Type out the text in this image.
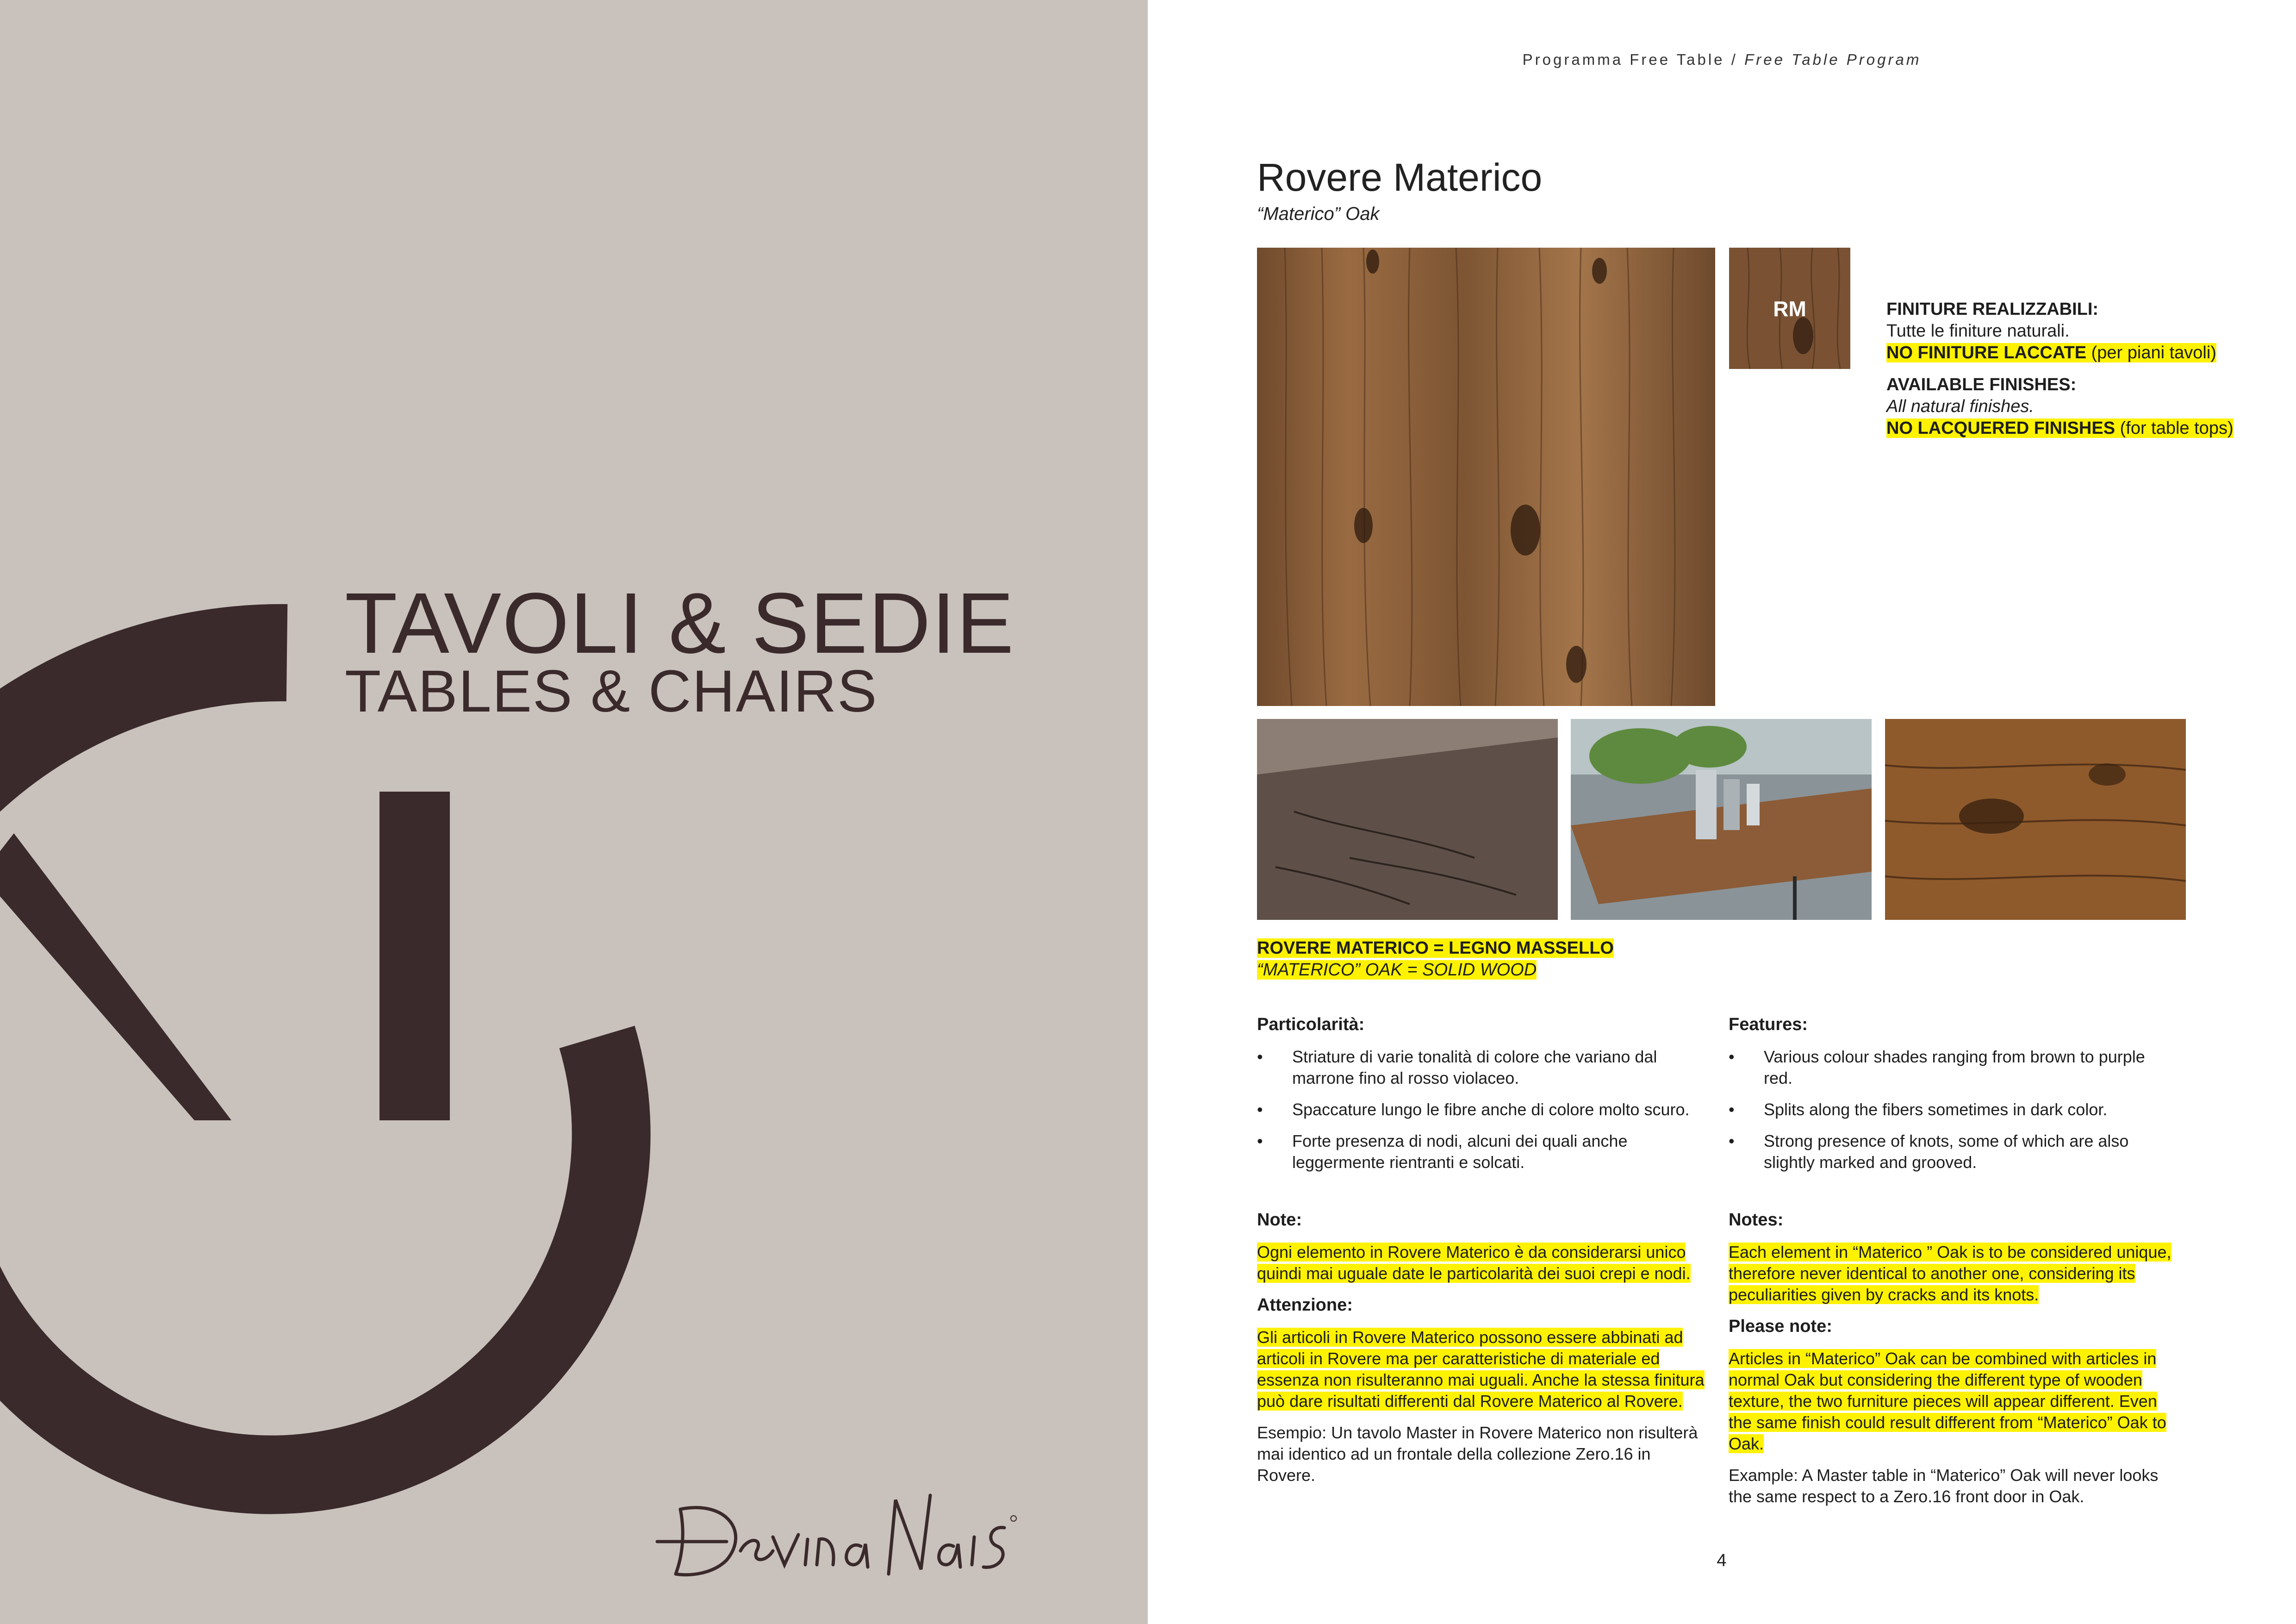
TAVOLI & SEDIE
TABLES & CHAIRS
Programma Free Table / Free Table Program
Rovere Materico
“Materico” Oak
RM	FINITURE REALIZZABILI:
Tutte le finiture naturali.
NO FINITURE LACCATE (per piani tavoli)
AVAILABLE FINISHES:
All natural finishes.
NO LACQUERED FINISHES (for table tops)
ROVERE MATERICO = LEGNO MASSELLO
“MATERICO” OAK = SOLID WOOD
Particolarità:
• Striature di varie tonalità di colore che variano dal marrone fino al rosso violaceo.
• Spaccature lungo le fibre anche di colore molto scuro.
• Forte presenza di nodi, alcuni dei quali anche leggermente rientranti e solcati.
Features:
• Various colour shades ranging from brown to purple red.
• Splits along the fibers sometimes in dark color.
• Strong presence of knots, some of which are also slightly marked and grooved.
Note:

Ogni elemento in Rovere Materico è da considerarsi unico quindi mai uguale date le particolarità dei suoi crepi e nodi.

Attenzione:

Gli articoli in Rovere Materico possono essere abbinati ad articoli in Rovere ma per caratteristiche di materiale ed essenza non risulteranno mai uguali. Anche la stessa finitura può dare risultati differenti dal Rovere Materico al Rovere.

Esempio: Un tavolo Master in Rovere Materico non risulterà mai identico ad un frontale della collezione Zero.16 in Rovere.

Notes:

Each element in “Materico ” Oak is to be considered unique, therefore never identical to another one, considering its peculiarities given by cracks and its knots.

Please note:

Articles in “Materico” Oak can be combined with articles in normal Oak but considering the different type of wooden texture, the two furniture pieces will appear different. Even the same finish could result different from “Materico” Oak to Oak.

Example: A Master table in “Materico” Oak will never looks the same respect to a Zero.16 front door in Oak.

4
